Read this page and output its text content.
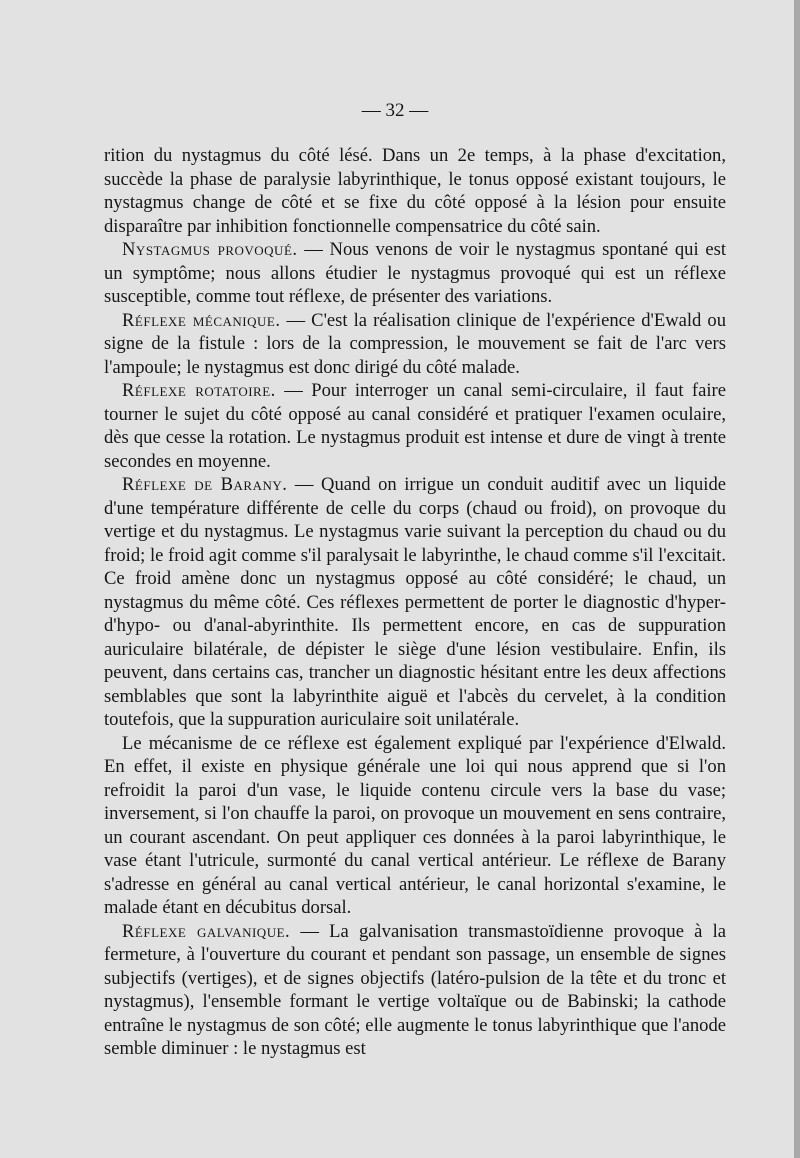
— 32 —

rition du nystagmus du côté lésé. Dans un 2e temps, à la phase d'excitation, succède la phase de paralysie labyrinthique, le tonus opposé existant toujours, le nystagmus change de côté et se fixe du côté opposé à la lésion pour ensuite disparaître par inhibition fonctionnelle compensatrice du côté sain.

Nystagmus provoqué. — Nous venons de voir le nystagmus spontané qui est un symptôme; nous allons étudier le nystagmus provoqué qui est un réflexe susceptible, comme tout réflexe, de présenter des variations.

Réflexe mécanique. — C'est la réalisation clinique de l'expérience d'Ewald ou signe de la fistule : lors de la compression, le mouvement se fait de l'arc vers l'ampoule; le nystagmus est donc dirigé du côté malade.

Réflexe rotatoire. — Pour interroger un canal semi-circulaire, il faut faire tourner le sujet du côté opposé au canal considéré et pratiquer l'examen oculaire, dès que cesse la rotation. Le nystagmus produit est intense et dure de vingt à trente secondes en moyenne.

Réflexe de Barany. — Quand on irrigue un conduit auditif avec un liquide d'une température différente de celle du corps (chaud ou froid), on provoque du vertige et du nystagmus. Le nystagmus varie suivant la perception du chaud ou du froid; le froid agit comme s'il paralysait le labyrinthe, le chaud comme s'il l'excitait. Ce froid amène donc un nystagmus opposé au côté considéré; le chaud, un nystagmus du même côté. Ces réflexes permettent de porter le diagnostic d'hyper- d'hypo- ou d'anal-abyrinthite. Ils permettent encore, en cas de suppuration auriculaire bilatérale, de dépister le siège d'une lésion vestibulaire. Enfin, ils peuvent, dans certains cas, trancher un diagnostic hésitant entre les deux affections semblables que sont la labyrinthite aiguë et l'abcès du cervelet, à la condition toutefois, que la suppuration auriculaire soit unilatérale.

Le mécanisme de ce réflexe est également expliqué par l'expérience d'Elwald. En effet, il existe en physique générale une loi qui nous apprend que si l'on refroidit la paroi d'un vase, le liquide contenu circule vers la base du vase; inversement, si l'on chauffe la paroi, on provoque un mouvement en sens contraire, un courant ascendant. On peut appliquer ces données à la paroi labyrinthique, le vase étant l'utricule, surmonté du canal vertical antérieur. Le réflexe de Barany s'adresse en général au canal vertical antérieur, le canal horizontal s'examine, le malade étant en décubitus dorsal.

Réflexe galvanique. — La galvanisation transmastoïdienne provoque à la fermeture, à l'ouverture du courant et pendant son passage, un ensemble de signes subjectifs (vertiges), et de signes objectifs (latéro-pulsion de la tête et du tronc et nystagmus), l'ensemble formant le vertige voltaïque ou de Babinski; la cathode entraîne le nystagmus de son côté; elle augmente le tonus labyrinthique que l'anode semble diminuer : le nystagmus est
